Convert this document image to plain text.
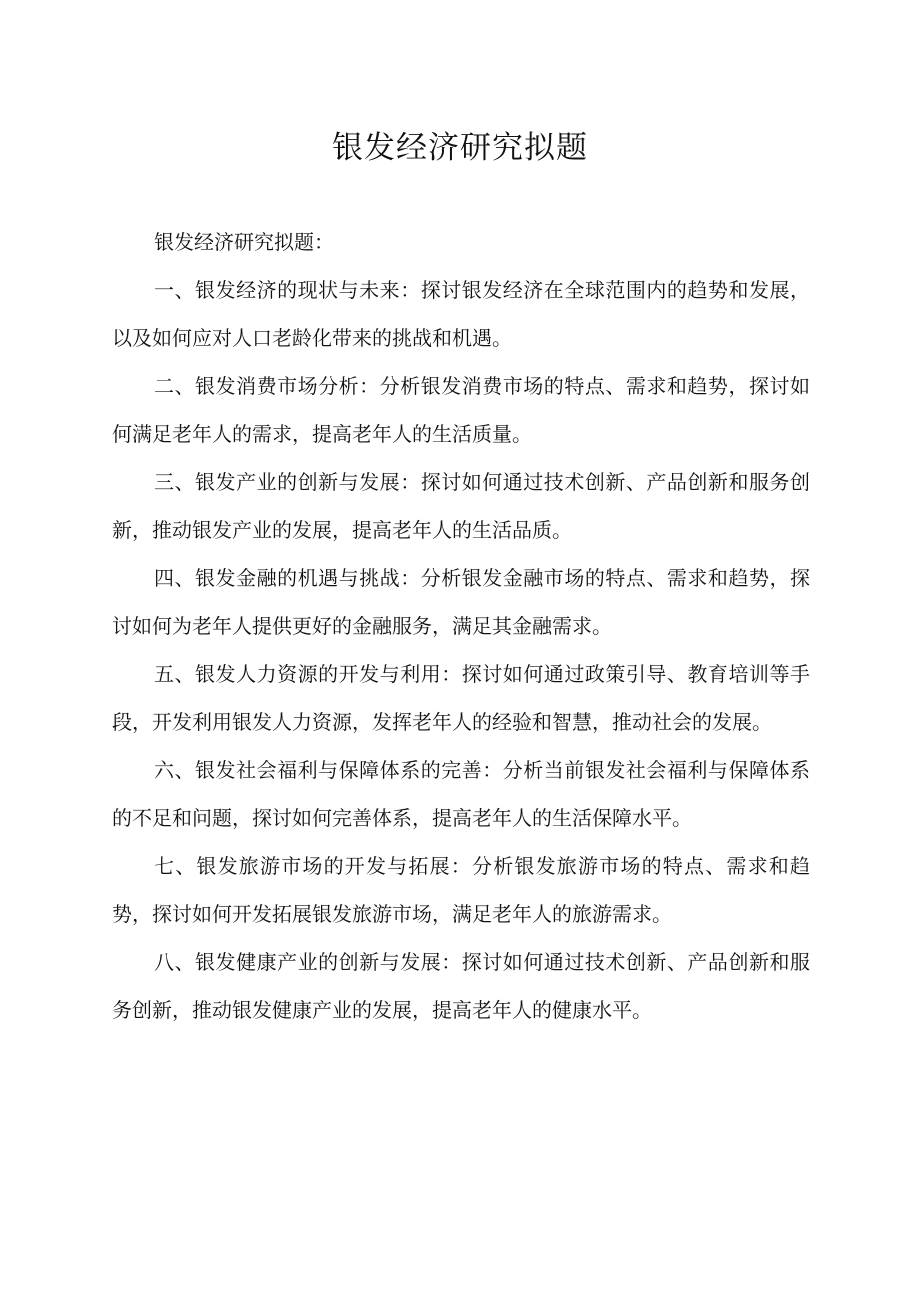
银发经济研究拟题

银发经济研究拟题：

一、银发经济的现状与未来：探讨银发经济在全球范围内的趋势和发展，以及如何应对人口老龄化带来的挑战和机遇。

二、银发消费市场分析：分析银发消费市场的特点、需求和趋势，探讨如何满足老年人的需求，提高老年人的生活质量。

三、银发产业的创新与发展：探讨如何通过技术创新、产品创新和服务创新，推动银发产业的发展，提高老年人的生活品质。

四、银发金融的机遇与挑战：分析银发金融市场的特点、需求和趋势，探讨如何为老年人提供更好的金融服务，满足其金融需求。

五、银发人力资源的开发与利用：探讨如何通过政策引导、教育培训等手段，开发利用银发人力资源，发挥老年人的经验和智慧，推动社会的发展。

六、银发社会福利与保障体系的完善：分析当前银发社会福利与保障体系的不足和问题，探讨如何完善体系，提高老年人的生活保障水平。

七、银发旅游市场的开发与拓展：分析银发旅游市场的特点、需求和趋势，探讨如何开发拓展银发旅游市场，满足老年人的旅游需求。

八、银发健康产业的创新与发展：探讨如何通过技术创新、产品创新和服务创新，推动银发健康产业的发展，提高老年人的健康水平。
